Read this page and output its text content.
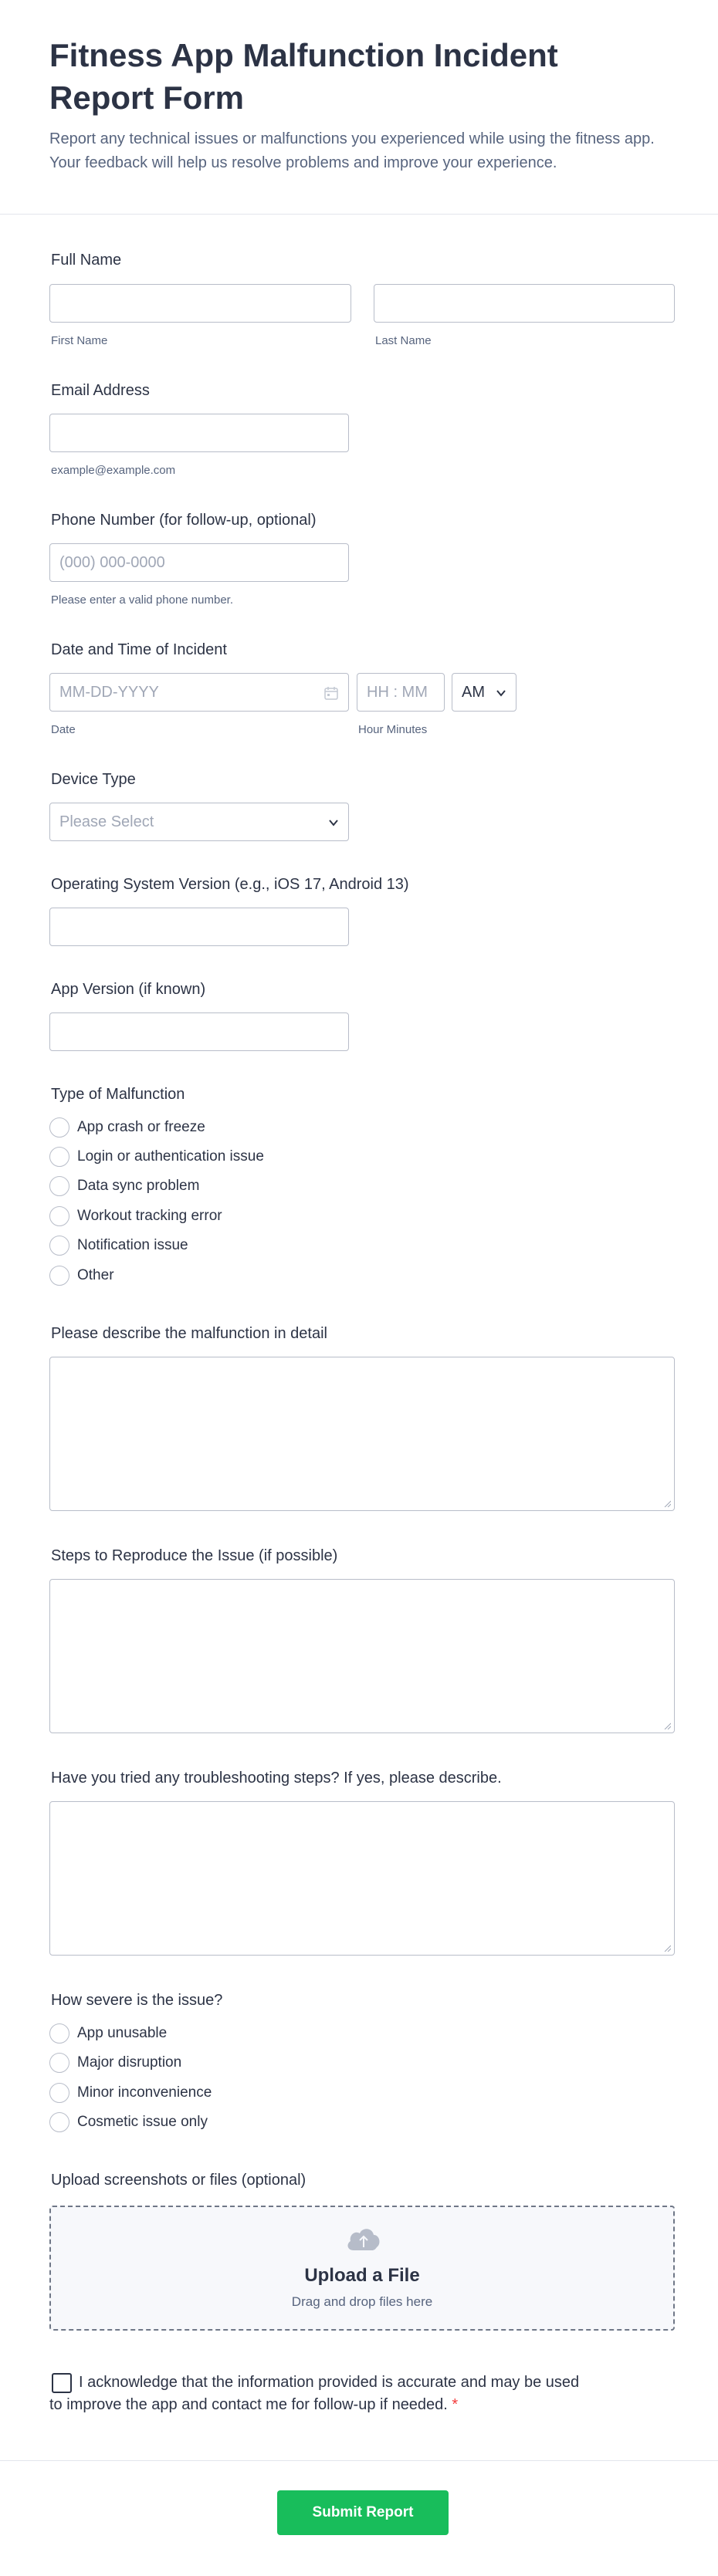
Fitness App Malfunction Incident Report Form
Report any technical issues or malfunctions you experienced while using the fitness app. Your feedback will help us resolve problems and improve your experience.
Full Name
First Name	Last Name
Email Address
example@example.com
Phone Number (for follow-up, optional)
(000) 000-0000
Please enter a valid phone number.
Date and Time of Incident
MM-DD-YYYY	HH : MM AM
Date	Hour Minutes
Device Type
Please Select
Operating System Version (e.g., iOS 17, Android 13)
App Version (if known)
Type of Malfunction
App crash or freeze
Login or authentication issue
Data sync problem
Workout tracking error
Notification issue
Other
Please describe the malfunction in detail
Steps to Reproduce the Issue (if possible)
Have you tried any troubleshooting steps? If yes, please describe.
How severe is the issue?
App unusable
Major disruption
Minor inconvenience
Cosmetic issue only
Upload screenshots or files (optional)
Upload a File
Drag and drop files here
I acknowledge that the information provided is accurate and may be used to improve the app and contact me for follow-up if needed. *
Submit Report
